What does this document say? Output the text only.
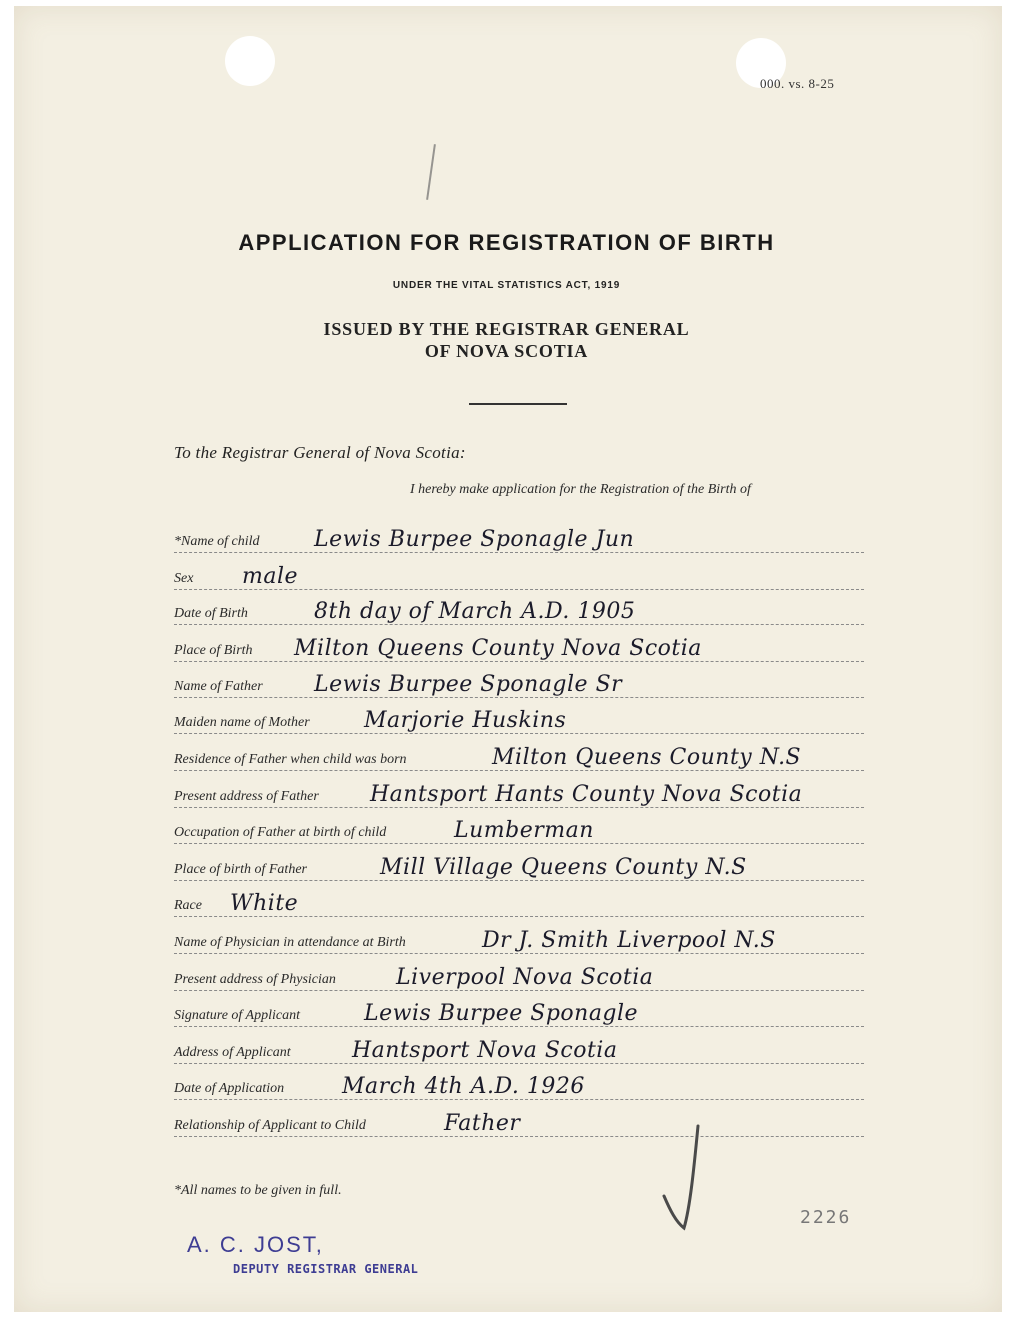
000. vs. 8-25
APPLICATION FOR REGISTRATION OF BIRTH
UNDER THE VITAL STATISTICS ACT, 1919
ISSUED BY THE REGISTRAR GENERAL
OF NOVA SCOTIA
To the Registrar General of Nova Scotia:
I hereby make application for the Registration of the Birth of
*Name of child Lewis Burpee Sponagle Jun
Sex male
Date of Birth	8th day of March A.D. 1905
Place of Birth Milton Queens County Nova Scotia
Name of Father Lewis Burpee Sponagle Sr
Maiden name of Mother Marjorie Huskins
Residence of Father when child was born	Milton Queens County N.S
Present address of Father Hantsport Hants County Nova Scotia
Occupation of Father at birth of child	Lumberman
Place of birth of Father	Mill Village Queens County N.S
Race White
Name of Physician in attendance at Birth	Dr J. Smith Liverpool N.S
Present address of Physician	Liverpool Nova Scotia
Signature of Applicant	Lewis Burpee Sponagle
Address of Applicant	Hantsport Nova Scotia
Date of Application	March 4th A.D. 1926
Relationship of Applicant to Child	Father
*All names to be given in full.
2226
A. C. JOST,
DEPUTY REGISTRAR GENERAL
